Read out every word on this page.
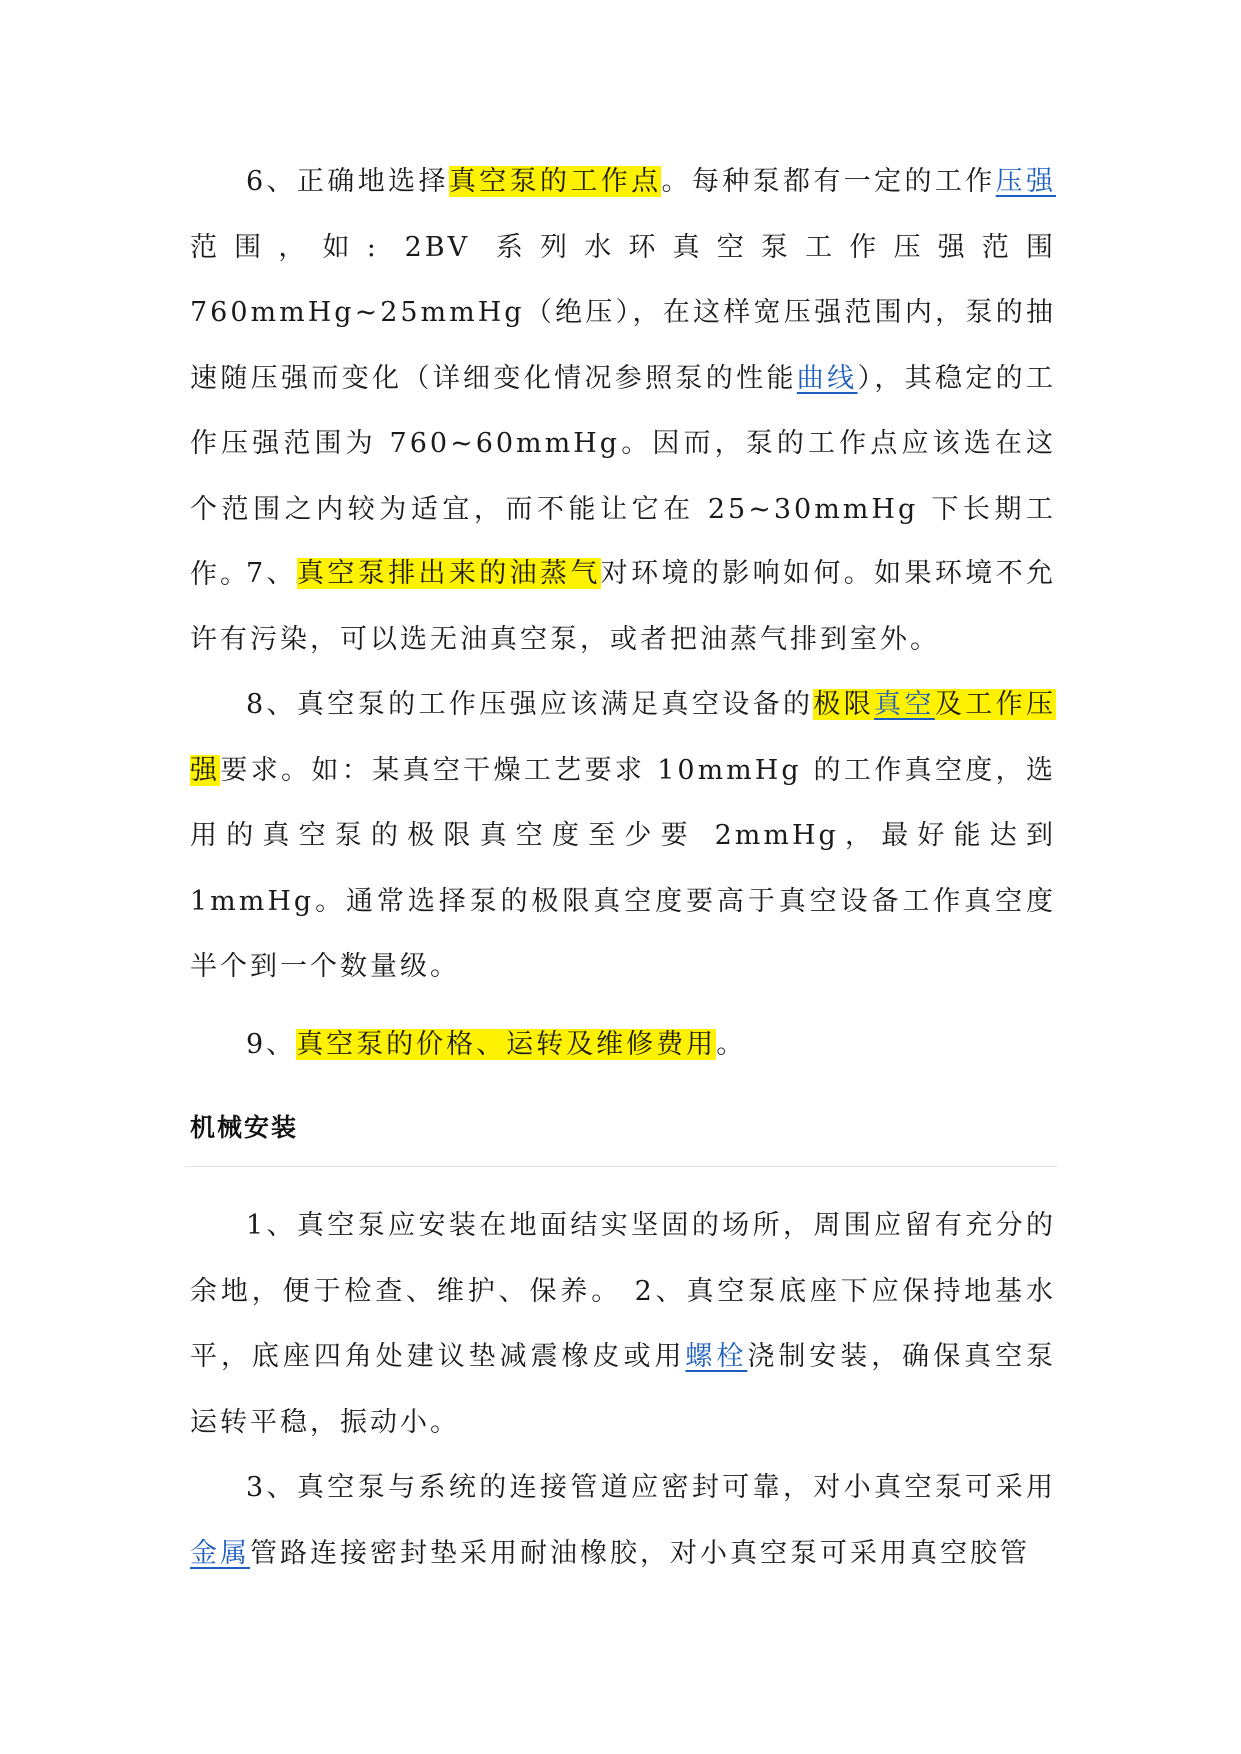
6、正确地选择真空泵的工作点。每种泵都有一定的工作压强范围，如: 2BV 系列水环真空泵工作压强范围 760mmHg~25mmHg（绝压），在这样宽压强范围内，泵的抽速随压强而变化（详细变化情况参照泵的性能曲线），其稳定的工作压强范围为 760~60mmHg。因而，泵的工作点应该选在这个范围之内较为适宜，而不能让它在 25~30mmHg 下长期工作。

7、真空泵排出来的油蒸气对环境的影响如何。如果环境不允许有污染，可以选无油真空泵，或者把油蒸气排到室外。

8、真空泵的工作压强应该满足真空设备的极限真空及工作压强要求。如：某真空干燥工艺要求 10mmHg 的工作真空度，选用的真空泵的极限真空度至少要 2mmHg，最好能达到 1mmHg。通常选择泵的极限真空度要高于真空设备工作真空度半个到一个数量级。

9、真空泵的价格、运转及维修费用。

机械安装

1、真空泵应安装在地面结实坚固的场所，周围应留有充分的余地，便于检查、维护、保养。 2、真空泵底座下应保持地基水平，底座四角处建议垫减震橡皮或用螺栓浇制安装，确保真空泵运转平稳，振动小。

3、真空泵与系统的连接管道应密封可靠，对小真空泵可采用金属管路连接密封垫采用耐油橡胶，对小真空泵可采用真空胶管
